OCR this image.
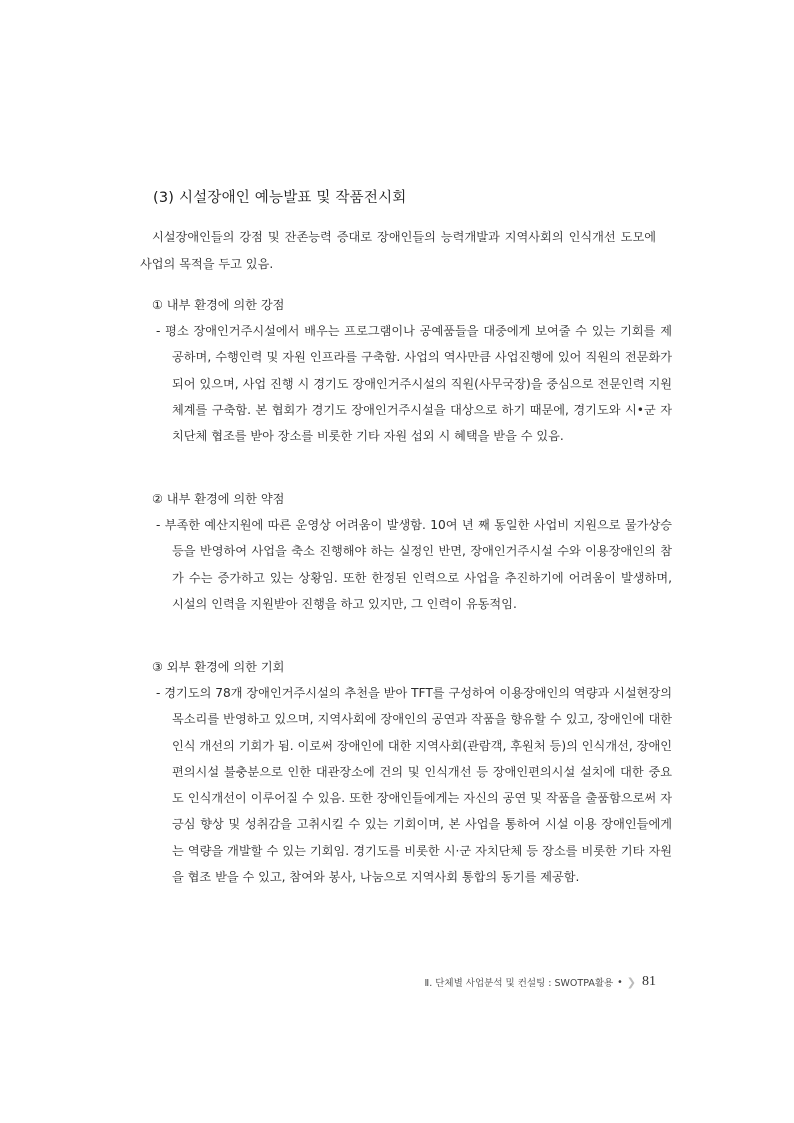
(3) 시설장애인 예능발표 및 작품전시회
시설장애인들의 강점 및 잔존능력 증대로 장애인들의 능력개발과 지역사회의 인식개선 도모에 사업의 목적을 두고 있음.
① 내부 환경에 의한 강점
- 평소 장애인거주시설에서 배우는 프로그램이나 공예품들을 대중에게 보여줄 수 있는 기회를 제공하며, 수행인력 및 자원 인프라를 구축함. 사업의 역사만큼 사업진행에 있어 직원의 전문화가 되어 있으며, 사업 진행 시 경기도 장애인거주시설의 직원(사무국장)을 중심으로 전문인력 지원체계를 구축함. 본 협회가 경기도 장애인거주시설을 대상으로 하기 때문에, 경기도와 시•군 자치단체 협조를 받아 장소를 비롯한 기타 자원 섭외 시 혜택을 받을 수 있음.
② 내부 환경에 의한 약점
- 부족한 예산지원에 따른 운영상 어려움이 발생함. 10여 년 째 동일한 사업비 지원으로 물가상승 등을 반영하여 사업을 축소 진행해야 하는 실정인 반면, 장애인거주시설 수와 이용장애인의 참가 수는 증가하고 있는 상황임. 또한 한정된 인력으로 사업을 추진하기에 어려움이 발생하며, 시설의 인력을 지원받아 진행을 하고 있지만, 그 인력이 유동적임.
③ 외부 환경에 의한 기회
- 경기도의 78개 장애인거주시설의 추천을 받아 TFT를 구성하여 이용장애인의 역량과 시설현장의 목소리를 반영하고 있으며, 지역사회에 장애인의 공연과 작품을 향유할 수 있고, 장애인에 대한 인식 개선의 기회가 됨. 이로써 장애인에 대한 지역사회(관람객, 후원처 등)의 인식개선, 장애인 편의시설 불충분으로 인한 대관장소에 건의 및 인식개선 등 장애인편의시설 설치에 대한 중요도 인식개선이 이루어질 수 있음. 또한 장애인들에게는 자신의 공연 및 작품을 출품함으로써 자긍심 향상 및 성취감을 고취시킬 수 있는 기회이며, 본 사업을 통하여 시설 이용 장애인들에게는 역량을 개발할 수 있는 기회임. 경기도를 비롯한 시·군 자치단체 등 장소를 비롯한 기타 자원을 협조 받을 수 있고, 참여와 봉사, 나눔으로 지역사회 통합의 동기를 제공함.
Ⅱ. 단체별 사업분석 및 컨설팅 : SWOTPA활용 • ❯ 81
